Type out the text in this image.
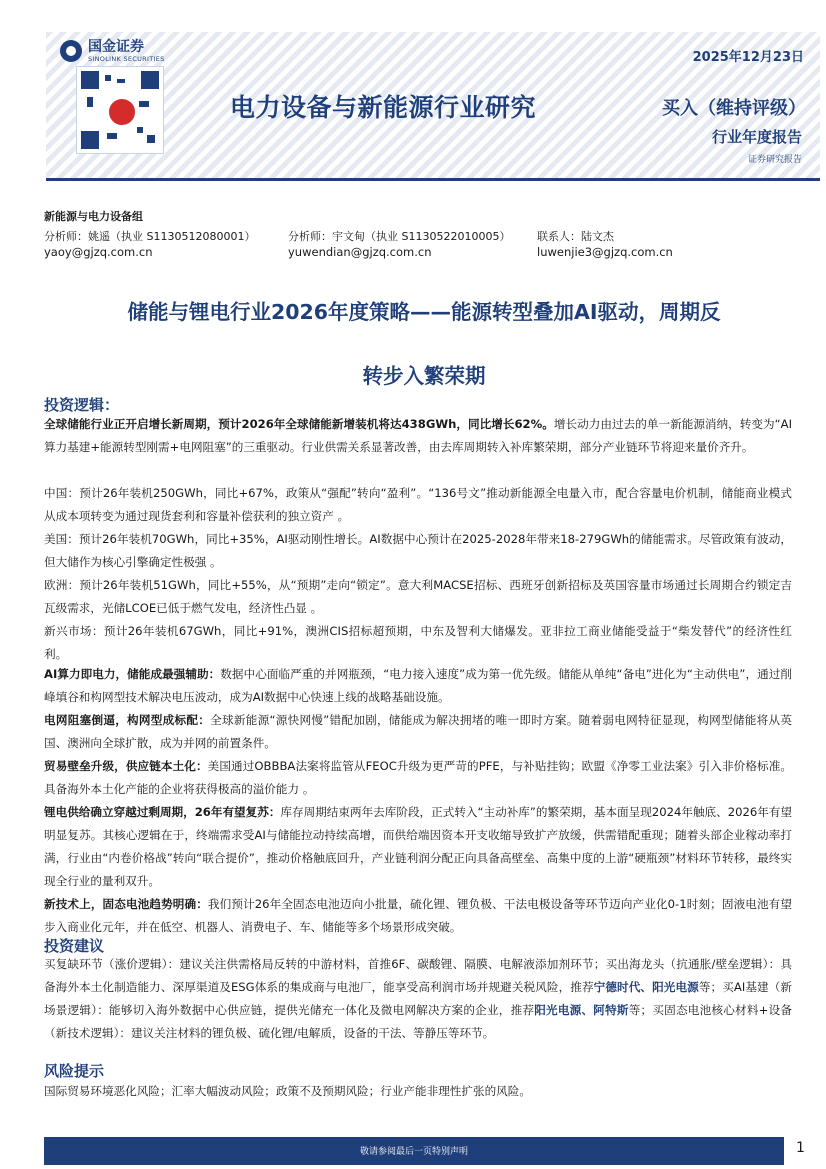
国金证券
SINOLINK SECURITIES	2025年12月23日
电力设备与新能源行业研究	买入（维持评级）
行业年度报告
证券研究报告
新能源与电力设备组
分析师：姚遥（执业 S1130512080001）
yaoy@gjzq.com.cn
分析师：宇文甸（执业 S1130522010005）
yuwendian@gjzq.com.cn
联系人：陆文杰
luwenjie3@gjzq.com.cn
储能与锂电行业2026年度策略——能源转型叠加AI驱动，周期反
转步入繁荣期
投资逻辑：
全球储能行业正开启增长新周期，预计2026年全球储能新增装机将达438GWh，同比增长62%。增长动力由过去的单一新能源消纳，转变为“AI算力基建+能源转型刚需+电网阻塞”的三重驱动。行业供需关系显著改善，由去库周期转入补库繁荣期，部分产业链环节将迎来量价齐升。
中国：预计26年装机250GWh，同比+67%，政策从“强配”转向“盈利”。“136号文”推动新能源全电量入市，配合容量电价机制，储能商业模式从成本项转变为通过现货套利和容量补偿获利的独立资产 。
美国：预计26年装机70GWh，同比+35%，AI驱动刚性增长。AI数据中心预计在2025-2028年带来18-279GWh的储能需求。尽管政策有波动，但大储作为核心引擎确定性极强 。
欧洲：预计26年装机51GWh，同比+55%，从“预期”走向“锁定”。意大利MACSE招标、西班牙创新招标及英国容量市场通过长周期合约锁定吉瓦级需求，光储LCOE已低于燃气发电，经济性凸显 。
新兴市场：预计26年装机67GWh，同比+91%，澳洲CIS招标超预期，中东及智利大储爆发。亚非拉工商业储能受益于“柴发替代”的经济性红利。
AI算力即电力，储能成最强辅助：数据中心面临严重的并网瓶颈，“电力接入速度”成为第一优先级。储能从单纯“备电”进化为“主动供电”，通过削峰填谷和构网型技术解决电压波动，成为AI数据中心快速上线的战略基础设施。
电网阻塞倒逼，构网型成标配：全球新能源“源快网慢”错配加剧，储能成为解决拥堵的唯一即时方案。随着弱电网特征显现，构网型储能将从英国、澳洲向全球扩散，成为并网的前置条件。
贸易壁垒升级，供应链本土化：美国通过OBBBA法案将监管从FEOC升级为更严苛的PFE，与补贴挂钩；欧盟《净零工业法案》引入非价格标准。具备海外本土化产能的企业将获得极高的溢价能力 。
锂电供给确立穿越过剩周期，26年有望复苏：库存周期结束两年去库阶段，正式转入“主动补库”的繁荣期，基本面呈现2024年触底、2026年有望明显复苏。其核心逻辑在于，终端需求受AI与储能拉动持续高增，而供给端因资本开支收缩导致扩产放缓，供需错配重现；随着头部企业稼动率打满，行业由“内卷价格战”转向“联合提价”，推动价格触底回升，产业链利润分配正向具备高壁垒、高集中度的上游“硬瓶颈”材料环节转移，最终实现全行业的量利双升。
新技术上，固态电池趋势明确：我们预计26年全固态电池迈向小批量，硫化锂、锂负极、干法电极设备等环节迈向产业化0-1时刻；固液电池有望步入商业化元年，并在低空、机器人、消费电子、车、储能等多个场景形成突破。
投资建议
买复缺环节（涨价逻辑）：建议关注供需格局反转的中游材料，首推6F、碳酸锂、隔膜、电解液添加剂环节；买出海龙头（抗通胀/壁垒逻辑）：具备海外本土化制造能力、深厚渠道及ESG体系的集成商与电池厂，能享受高利润市场并规避关税风险，推荐宁德时代、阳光电源等；买AI基建（新场景逻辑）：能够切入海外数据中心供应链，提供光储充一体化及微电网解决方案的企业，推荐阳光电源、阿特斯等；买固态电池核心材料+设备（新技术逻辑）：建议关注材料的锂负极、硫化锂/电解质，设备的干法、等静压等环节。
风险提示
国际贸易环境恶化风险；汇率大幅波动风险；政策不及预期风险；行业产能非理性扩张的风险。
敬请参阅最后一页特别声明	1
